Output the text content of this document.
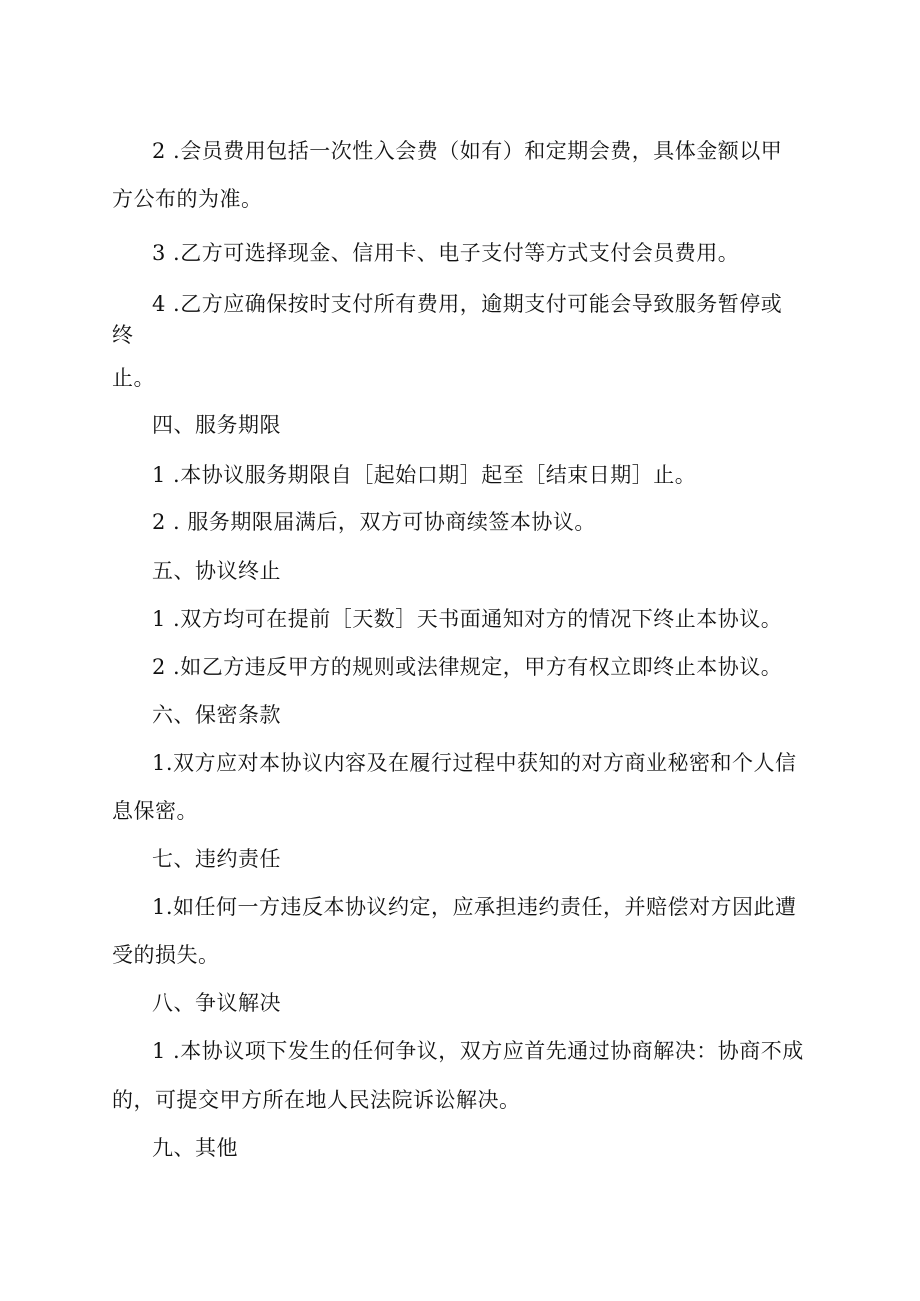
2 .会员费用包括一次性入会费（如有）和定期会费，具体金额以甲
方公布的为准。
3 .乙方可选择现金、信用卡、电子支付等方式支付会员费用。
4 .乙方应确保按时支付所有费用，逾期支付可能会导致服务暂停或
终
止。
四、服务期限
1 .本协议服务期限自［起始口期］起至［结束日期］止。
2 . 服务期限届满后，双方可协商续签本协议。
五、协议终止
1 .双方均可在提前［天数］天书面通知对方的情况下终止本协议。
2 .如乙方违反甲方的规则或法律规定，甲方有权立即终止本协议。
六、保密条款
1.双方应对本协议内容及在履行过程中获知的对方商业秘密和个人信
息保密。
七、违约责任
1.如任何一方违反本协议约定，应承担违约责任，并赔偿对方因此遭
受的损失。
八、争议解决
1 .本协议项下发生的任何争议，双方应首先通过协商解决：协商不成
的，可提交甲方所在地人民法院诉讼解决。
九、其他
